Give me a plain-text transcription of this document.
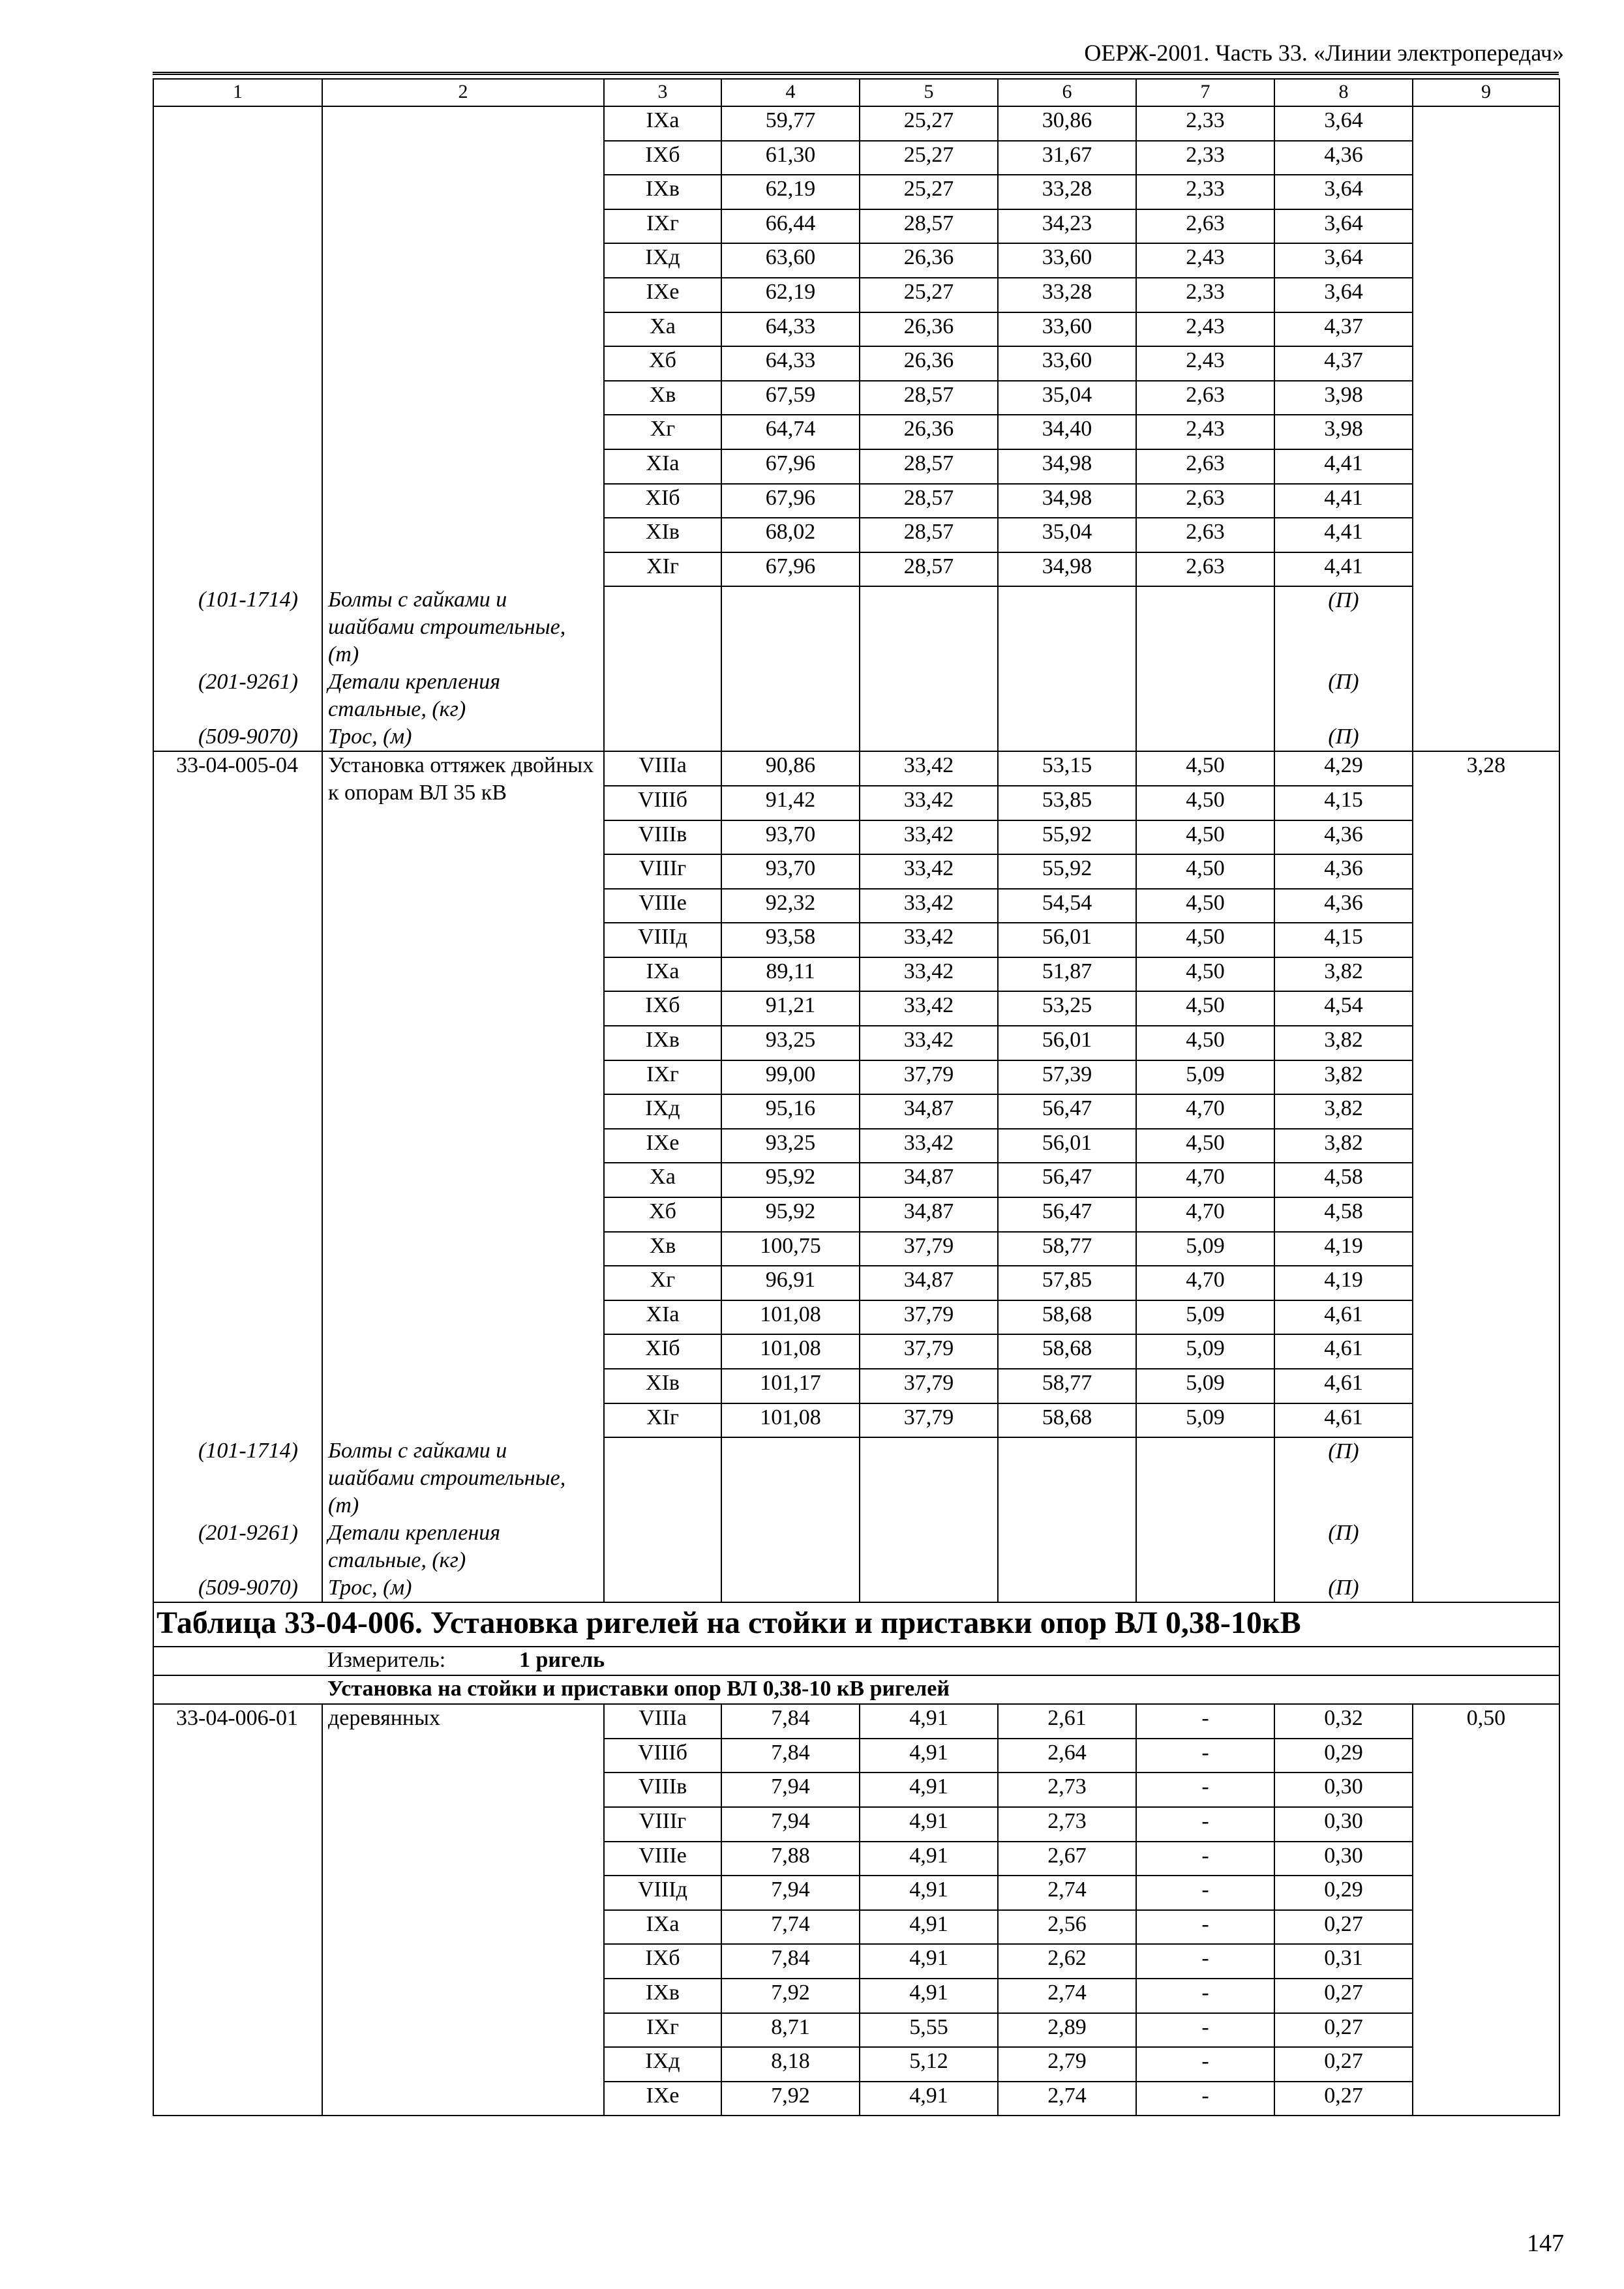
ОЕРЖ-2001. Часть 33. «Линии электропередач»
1	2	3	4	5	6	7	8	9
		IXа	59,77	25,27	30,86	2,33	3,64	
		IXб	61,30	25,27	31,67	2,33	4,36	
		IXв	62,19	25,27	33,28	2,33	3,64	
		IXг	66,44	28,57	34,23	2,63	3,64	
		IXд	63,60	26,36	33,60	2,43	3,64	
		IXе	62,19	25,27	33,28	2,33	3,64	
		Xа	64,33	26,36	33,60	2,43	4,37	
		Xб	64,33	26,36	33,60	2,43	4,37	
		Xв	67,59	28,57	35,04	2,63	3,98	
		Xг	64,74	26,36	34,40	2,43	3,98	
		XIа	67,96	28,57	34,98	2,63	4,41	
		XIб	67,96	28,57	34,98	2,63	4,41	
		XIв	68,02	28,57	35,04	2,63	4,41	
		XIг	67,96	28,57	34,98	2,63	4,41	
(101-1714)	Болты с гайками и шайбами строительные, (т)						(П)	
(201-9261)	Детали крепления стальные, (кг)						(П)	
(509-9070)	Трос, (м)						(П)	
33-04-005-04	Установка оттяжек двойных к опорам ВЛ 35 кВ	VIIIа	90,86	33,42	53,15	4,50	4,29	3,28
		VIIIб	91,42	33,42	53,85	4,50	4,15	
		VIIIв	93,70	33,42	55,92	4,50	4,36	
		VIIIг	93,70	33,42	55,92	4,50	4,36	
		VIIIе	92,32	33,42	54,54	4,50	4,36	
		VIIIд	93,58	33,42	56,01	4,50	4,15	
		IXа	89,11	33,42	51,87	4,50	3,82	
		IXб	91,21	33,42	53,25	4,50	4,54	
		IXв	93,25	33,42	56,01	4,50	3,82	
		IXг	99,00	37,79	57,39	5,09	3,82	
		IXд	95,16	34,87	56,47	4,70	3,82	
		IXе	93,25	33,42	56,01	4,50	3,82	
		Xа	95,92	34,87	56,47	4,70	4,58	
		Xб	95,92	34,87	56,47	4,70	4,58	
		Xв	100,75	37,79	58,77	5,09	4,19	
		Xг	96,91	34,87	57,85	4,70	4,19	
		XIа	101,08	37,79	58,68	5,09	4,61	
		XIб	101,08	37,79	58,68	5,09	4,61	
		XIв	101,17	37,79	58,77	5,09	4,61	
		XIг	101,08	37,79	58,68	5,09	4,61	
(101-1714)	Болты с гайками и шайбами строительные, (т)						(П)	
(201-9261)	Детали крепления стальные, (кг)						(П)	
(509-9070)	Трос, (м)						(П)	
Таблица 33-04-006. Установка ригелей на стойки и приставки опор ВЛ 0,38-10кВ								
	Измеритель: 1 ригель							
	Установка на стойки и приставки опор ВЛ 0,38-10 кВ ригелей							
33-04-006-01	деревянных	VIIIа	7,84	4,91	2,61	-	0,32	0,50
		VIIIб	7,84	4,91	2,64	-	0,29	
		VIIIв	7,94	4,91	2,73	-	0,30	
		VIIIг	7,94	4,91	2,73	-	0,30	
		VIIIе	7,88	4,91	2,67	-	0,30	
		VIIIд	7,94	4,91	2,74	-	0,29	
		IXа	7,74	4,91	2,56	-	0,27	
		IXб	7,84	4,91	2,62	-	0,31	
		IXв	7,92	4,91	2,74	-	0,27	
		IXг	8,71	5,55	2,89	-	0,27	
		IXд	8,18	5,12	2,79	-	0,27	
		IXе	7,92	4,91	2,74	-	0,27	
147
